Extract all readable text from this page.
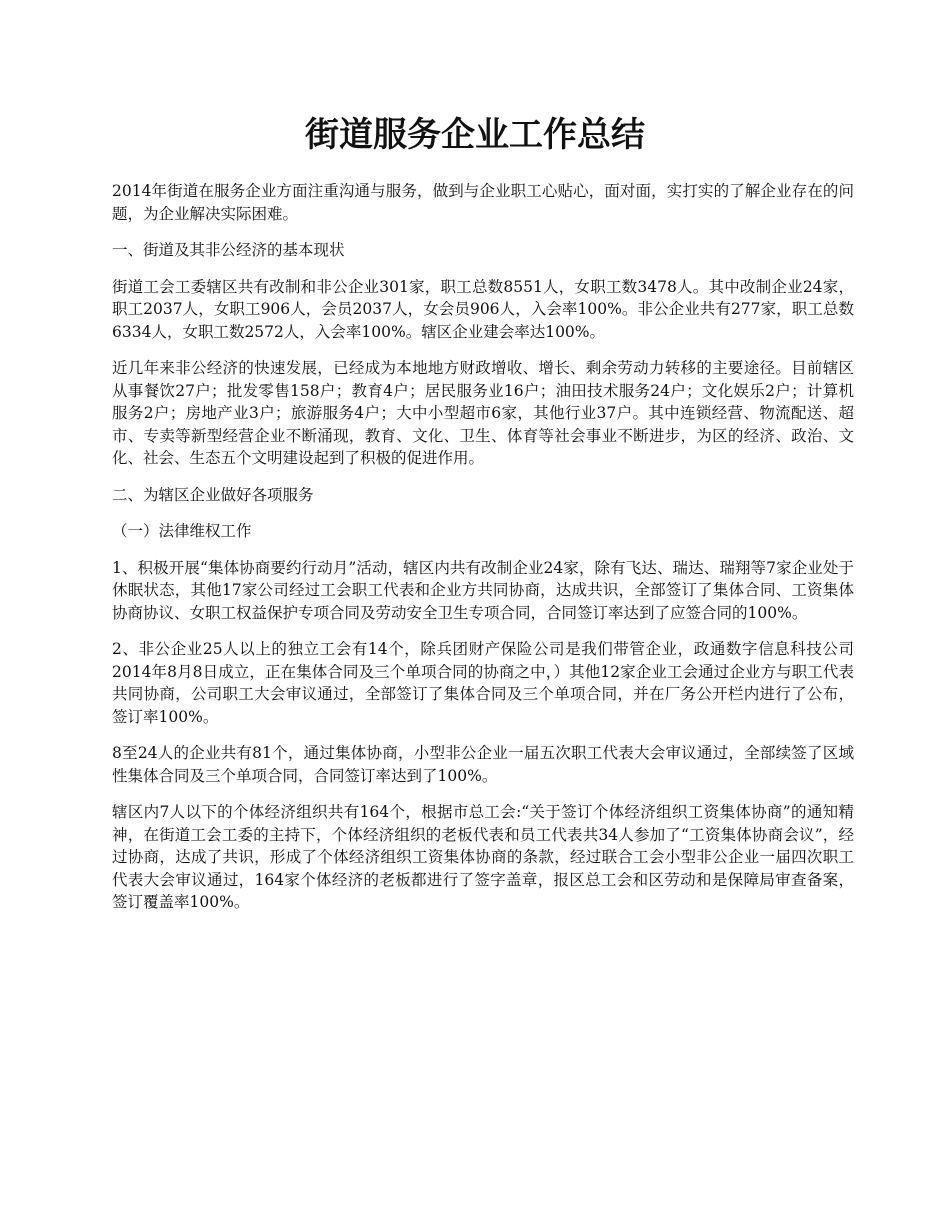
街道服务企业工作总结

2014年街道在服务企业方面注重沟通与服务，做到与企业职工心贴心，面对面，实打实的了解企业存在的问题，为企业解决实际困难。

一、街道及其非公经济的基本现状

街道工会工委辖区共有改制和非公企业301家，职工总数8551人，女职工数3478人。其中改制企业24家，职工2037人，女职工906人，会员2037人，女会员906人，入会率100%。非公企业共有277家，职工总数6334人，女职工数2572人，入会率100%。辖区企业建会率达100%。

近几年来非公经济的快速发展，已经成为本地地方财政增收、增长、剩余劳动力转移的主要途径。目前辖区从事餐饮27户；批发零售158户；教育4户；居民服务业16户；油田技术服务24户；文化娱乐2户；计算机服务2户；房地产业3户；旅游服务4户；大中小型超市6家，其他行业37户。其中连锁经营、物流配送、超市、专卖等新型经营企业不断涌现，教育、文化、卫生、体育等社会事业不断进步，为区的经济、政治、文化、社会、生态五个文明建设起到了积极的促进作用。

二、为辖区企业做好各项服务

（一）法律维权工作

1、积极开展“集体协商要约行动月”活动，辖区内共有改制企业24家，除有飞达、瑞达、瑞翔等7家企业处于休眠状态，其他17家公司经过工会职工代表和企业方共同协商，达成共识，全部签订了集体合同、工资集体协商协议、女职工权益保护专项合同及劳动安全卫生专项合同，合同签订率达到了应签合同的100%。

2、非公企业25人以上的独立工会有14个，除兵团财产保险公司是我们带管企业，政通数字信息科技公司2014年8月8日成立，正在集体合同及三个单项合同的协商之中，）其他12家企业工会通过企业方与职工代表共同协商，公司职工大会审议通过，全部签订了集体合同及三个单项合同，并在厂务公开栏内进行了公布，签订率100%。

8至24人的企业共有81个，通过集体协商，小型非公企业一届五次职工代表大会审议通过，全部续签了区域性集体合同及三个单项合同，合同签订率达到了100%。

辖区内7人以下的个体经济组织共有164个，根据市总工会:“关于签订个体经济组织工资集体协商”的通知精神，在街道工会工委的主持下，个体经济组织的老板代表和员工代表共34人参加了“工资集体协商会议”，经过协商，达成了共识，形成了个体经济组织工资集体协商的条款，经过联合工会小型非公企业一届四次职工代表大会审议通过，164家个体经济的老板都进行了签字盖章，报区总工会和区劳动和是保障局审查备案，签订覆盖率100%。
